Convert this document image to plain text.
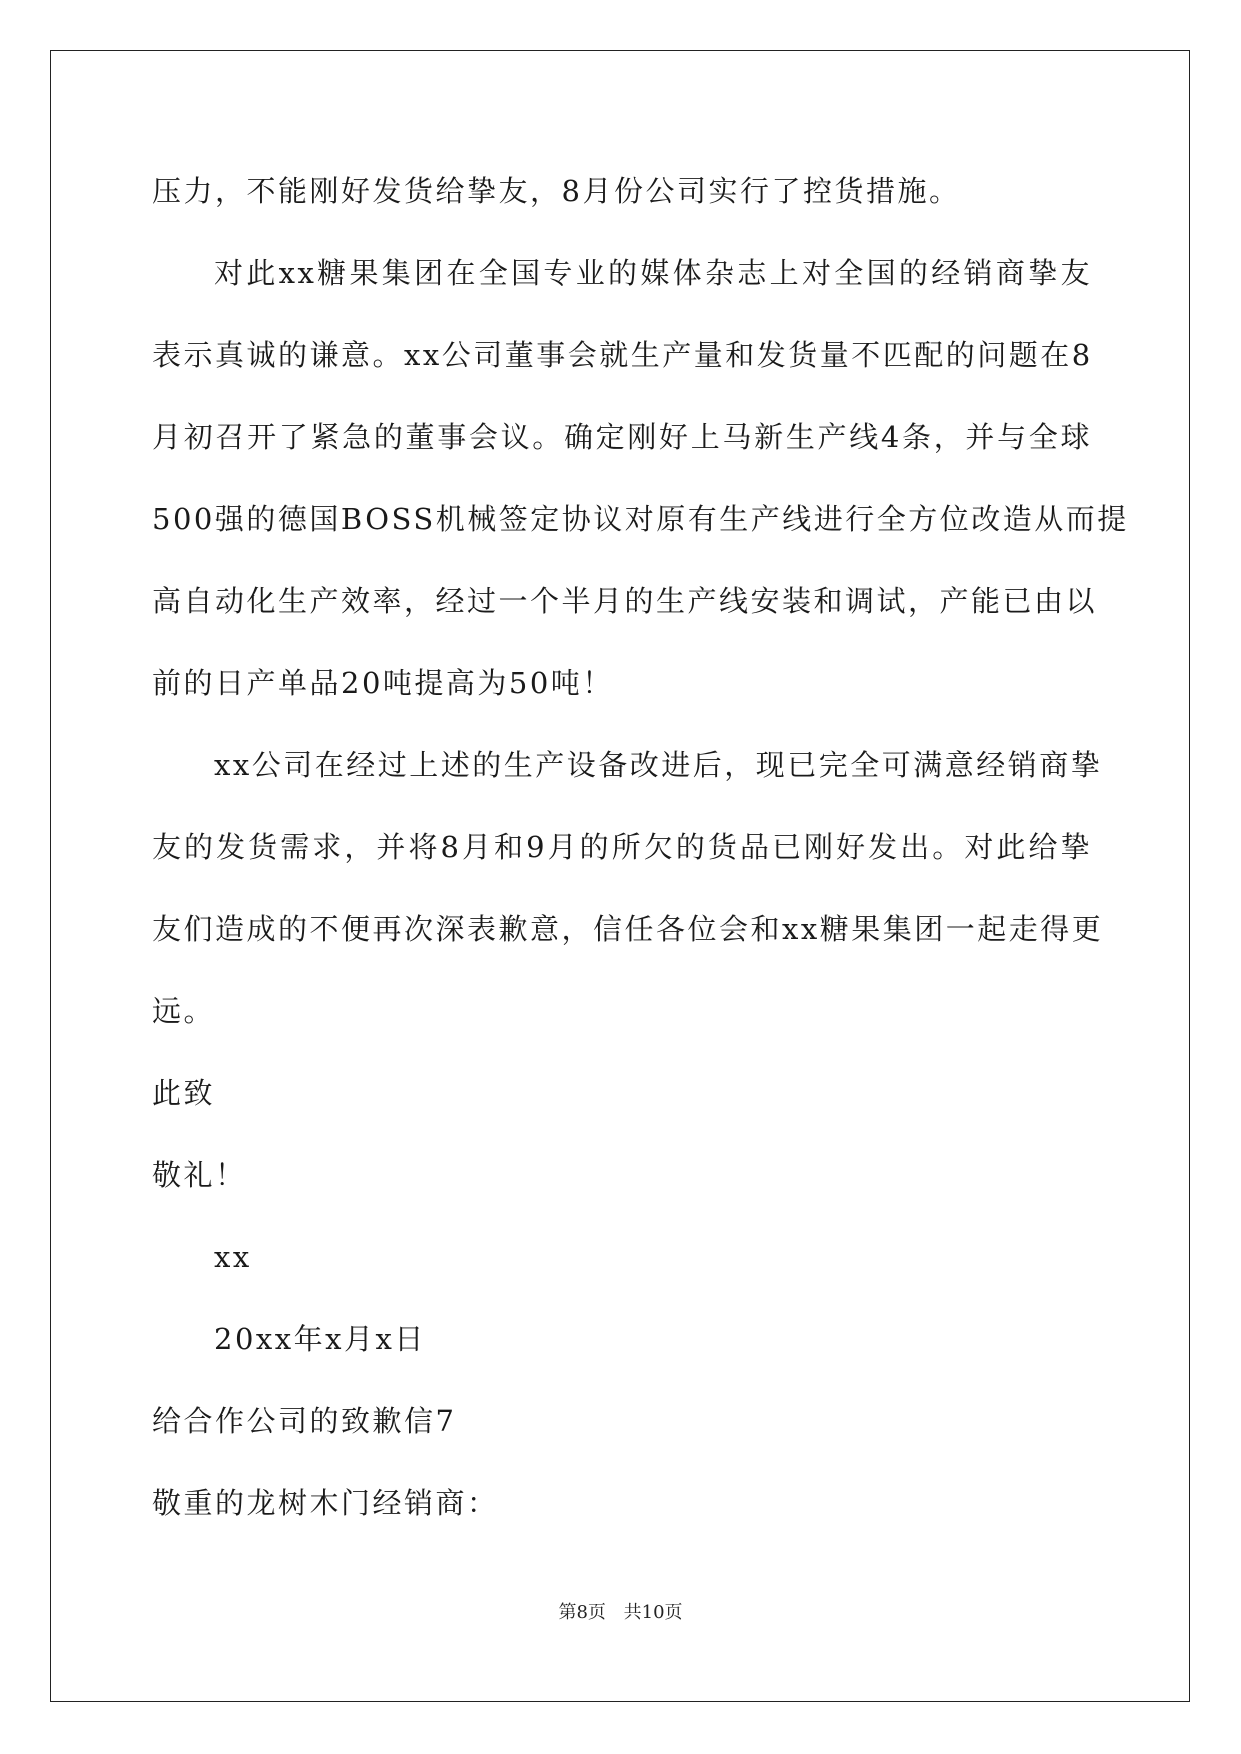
压力，不能刚好发货给挚友，8月份公司实行了控货措施。
对此xx糖果集团在全国专业的媒体杂志上对全国的经销商挚友
表示真诚的谦意。xx公司董事会就生产量和发货量不匹配的问题在8
月初召开了紧急的董事会议。确定刚好上马新生产线4条，并与全球
500强的德国BOSS机械签定协议对原有生产线进行全方位改造从而提
高自动化生产效率，经过一个半月的生产线安装和调试，产能已由以
前的日产单品20吨提高为50吨！
xx公司在经过上述的生产设备改进后，现已完全可满意经销商挚
友的发货需求，并将8月和9月的所欠的货品已刚好发出。对此给挚
友们造成的不便再次深表歉意，信任各位会和xx糖果集团一起走得更
远。
此致
敬礼！
xx
20xx年x月x日
给合作公司的致歉信7
敬重的龙树木门经销商：
第8页 共10页
